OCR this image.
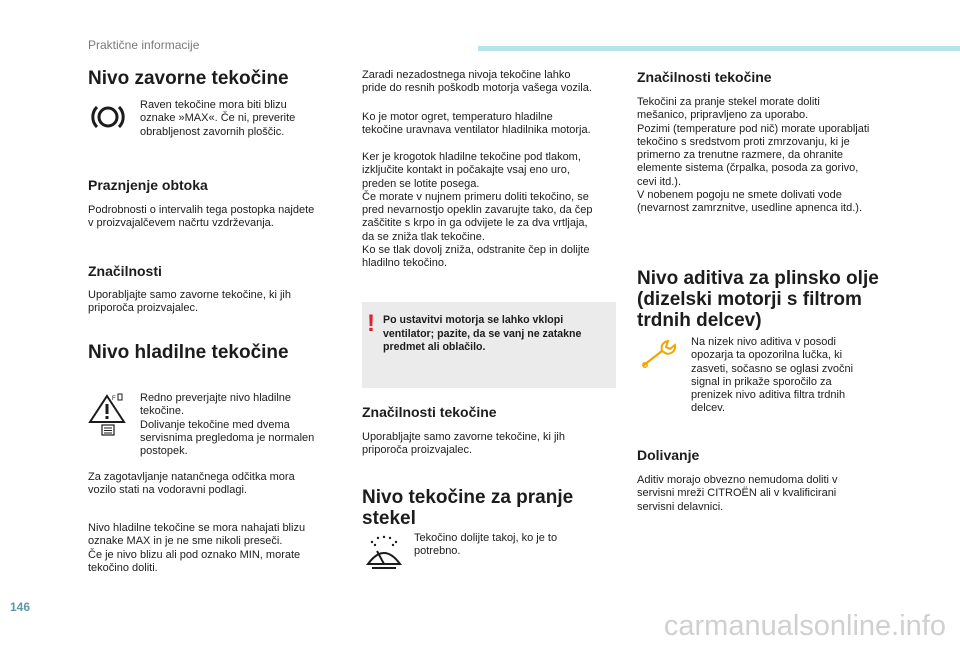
Praktične informacije
Nivo zavorne tekočine
Raven tekočine mora biti blizu
oznake »MAX«. Če ni, preverite
obrabljenost zavornih ploščic.
Praznjenje obtoka
Podrobnosti o intervalih tega postopka najdete
v proizvajalčevem načrtu vzdrževanja.
Značilnosti
Uporabljajte samo zavorne tekočine, ki jih
priporoča proizvajalec.
Nivo hladilne tekočine
F Redno preverjajte nivo hladilne
tekočine.
Dolivanje tekočine med dvema
servisnima pregledoma je normalen
postopek.
Za zagotavljanje natančnega odčitka mora
vozilo stati na vodoravni podlagi.
Nivo hladilne tekočine se mora nahajati blizu
oznake MAX in je ne sme nikoli preseči.
Če je nivo blizu ali pod oznako MIN, morate
tekočino doliti.
Zaradi nezadostnega nivoja tekočine lahko
pride do resnih poškodb motorja vašega vozila.
Ko je motor ogret, temperaturo hladilne
tekočine uravnava ventilator hladilnika motorja.
Ker je krogotok hladilne tekočine pod tlakom,
izključite kontakt in počakajte vsaj eno uro,
preden se lotite posega.
Če morate v nujnem primeru doliti tekočino, se
pred nevarnostjo opeklin zavarujte tako, da čep
zaščitite s krpo in ga odvijete le za dva vrtljaja,
da se zniža tlak tekočine.
Ko se tlak dovolj zniža, odstranite čep in dolijte
hladilno tekočino.
! Po ustavitvi motorja se lahko vklopi
ventilator; pazite, da se vanj ne zatakne
predmet ali oblačilo.
Značilnosti tekočine
Uporabljajte samo zavorne tekočine, ki jih
priporoča proizvajalec.
Nivo tekočine za pranje
stekel
Tekočino dolijte takoj, ko je to
potrebno.
Značilnosti tekočine
Tekočini za pranje stekel morate doliti
mešanico, pripravljeno za uporabo.
Pozimi (temperature pod nič) morate uporabljati
tekočino s sredstvom proti zmrzovanju, ki je
primerno za trenutne razmere, da ohranite
elemente sistema (črpalka, posoda za gorivo,
cevi itd.).
V nobenem pogoju ne smete dolivati vode
(nevarnost zamrznitve, usedline apnenca itd.).
Nivo aditiva za plinsko olje
(dizelski motorji s filtrom
trdnih delcev)
Na nizek nivo aditiva v posodi
opozarja ta opozorilna lučka, ki
zasveti, sočasno se oglasi zvočni
signal in prikaže sporočilo za
prenizek nivo aditiva filtra trdnih
delcev.
Dolivanje
Aditiv morajo obvezno nemudoma doliti v
servisni mreži CITROËN ali v kvalificirani
servisni delavnici.
146
carmanualsonline.info
